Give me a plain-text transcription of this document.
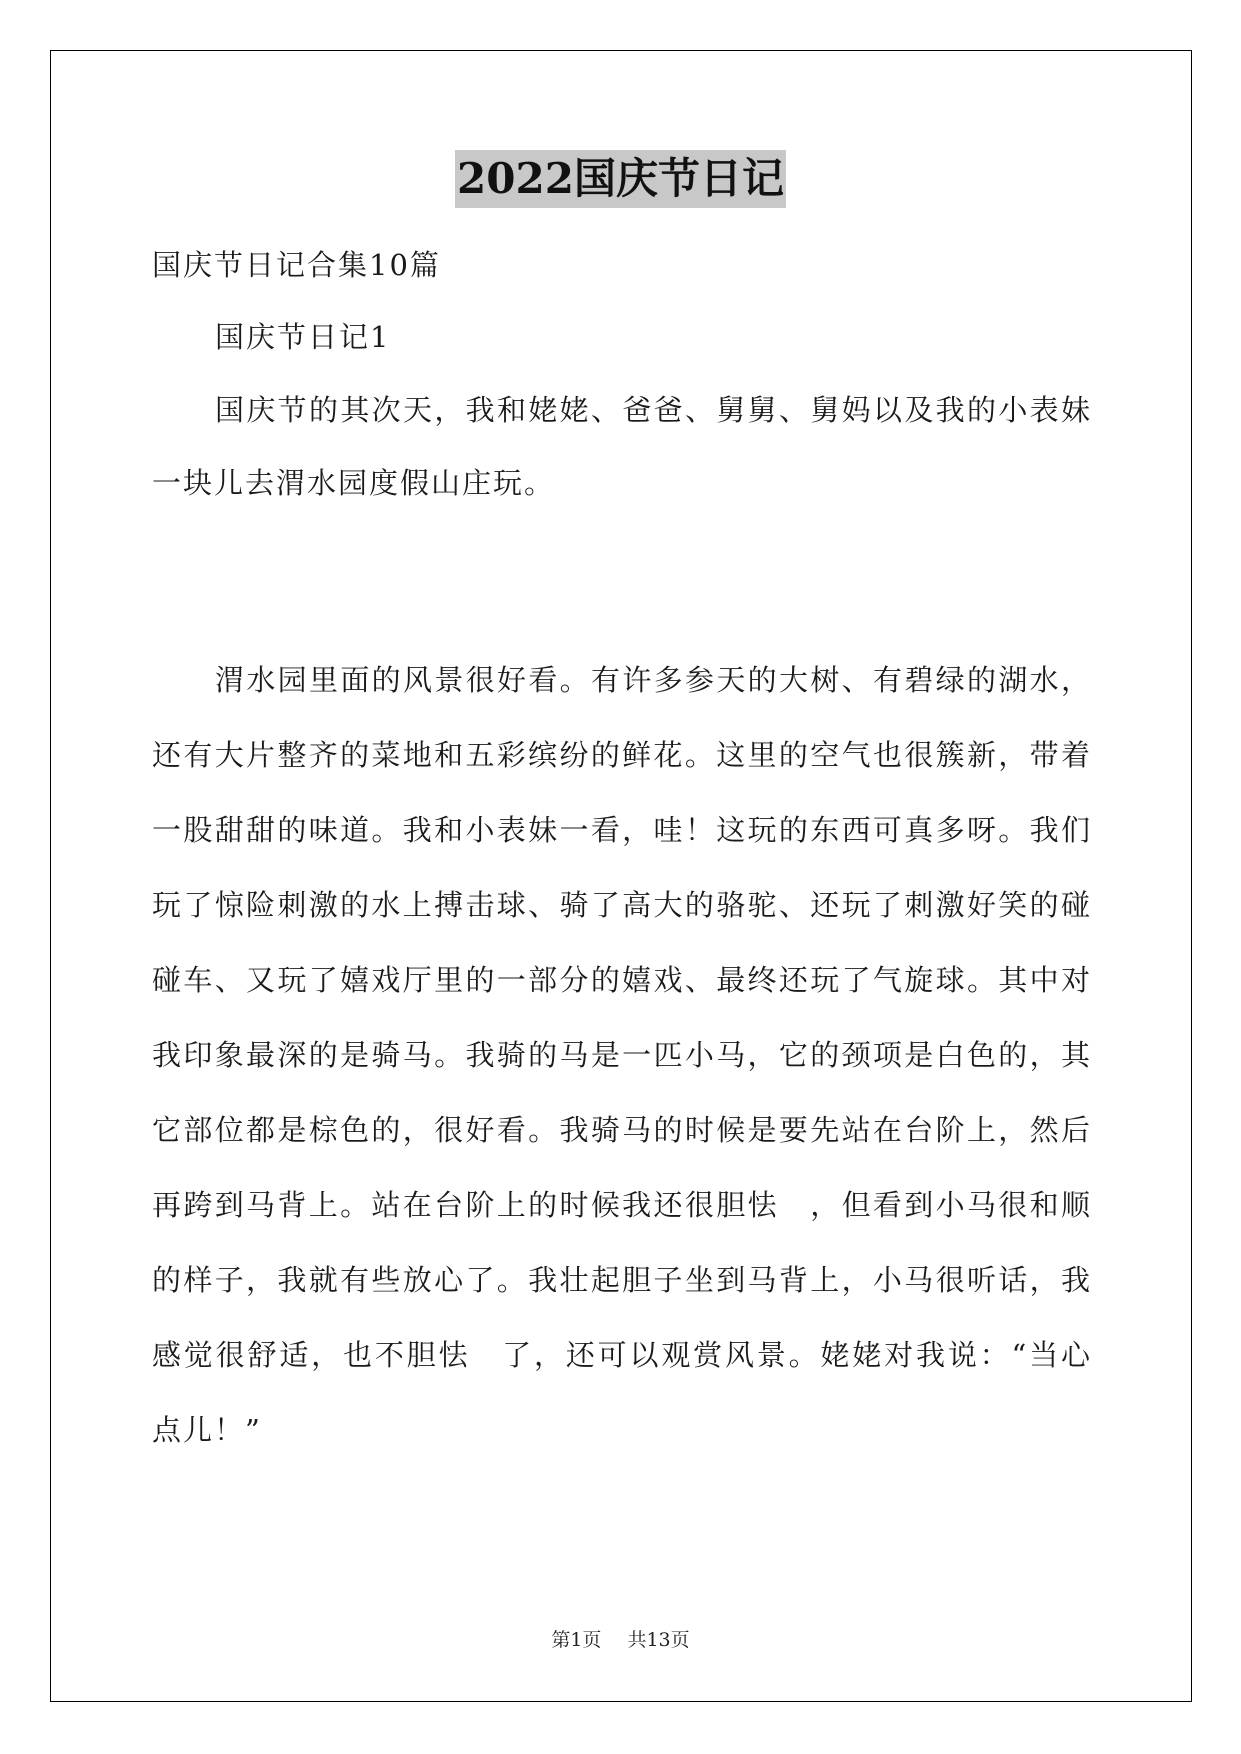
2022国庆节日记
国庆节日记合集10篇
国庆节日记1
国庆节的其次天，我和姥姥、爸爸、舅舅、舅妈以及我的小表妹
一块儿去渭水园度假山庄玩。
渭水园里面的风景很好看。有许多参天的大树、有碧绿的湖水，
还有大片整齐的菜地和五彩缤纷的鲜花。这里的空气也很簇新，带着
一股甜甜的味道。我和小表妹一看，哇！这玩的东西可真多呀。我们
玩了惊险刺激的水上搏击球、骑了高大的骆驼、还玩了刺激好笑的碰
碰车、又玩了嬉戏厅里的一部分的嬉戏、最终还玩了气旋球。其中对
我印象最深的是骑马。我骑的马是一匹小马，它的颈项是白色的，其
它部位都是棕色的，很好看。我骑马的时候是要先站在台阶上，然后
再跨到马背上。站在台阶上的时候我还很胆怯　，但看到小马很和顺
的样子，我就有些放心了。我壮起胆子坐到马背上，小马很听话，我
感觉很舒适，也不胆怯　了，还可以观赏风景。姥姥对我说：“当心
点儿！”
第1页 共13页
